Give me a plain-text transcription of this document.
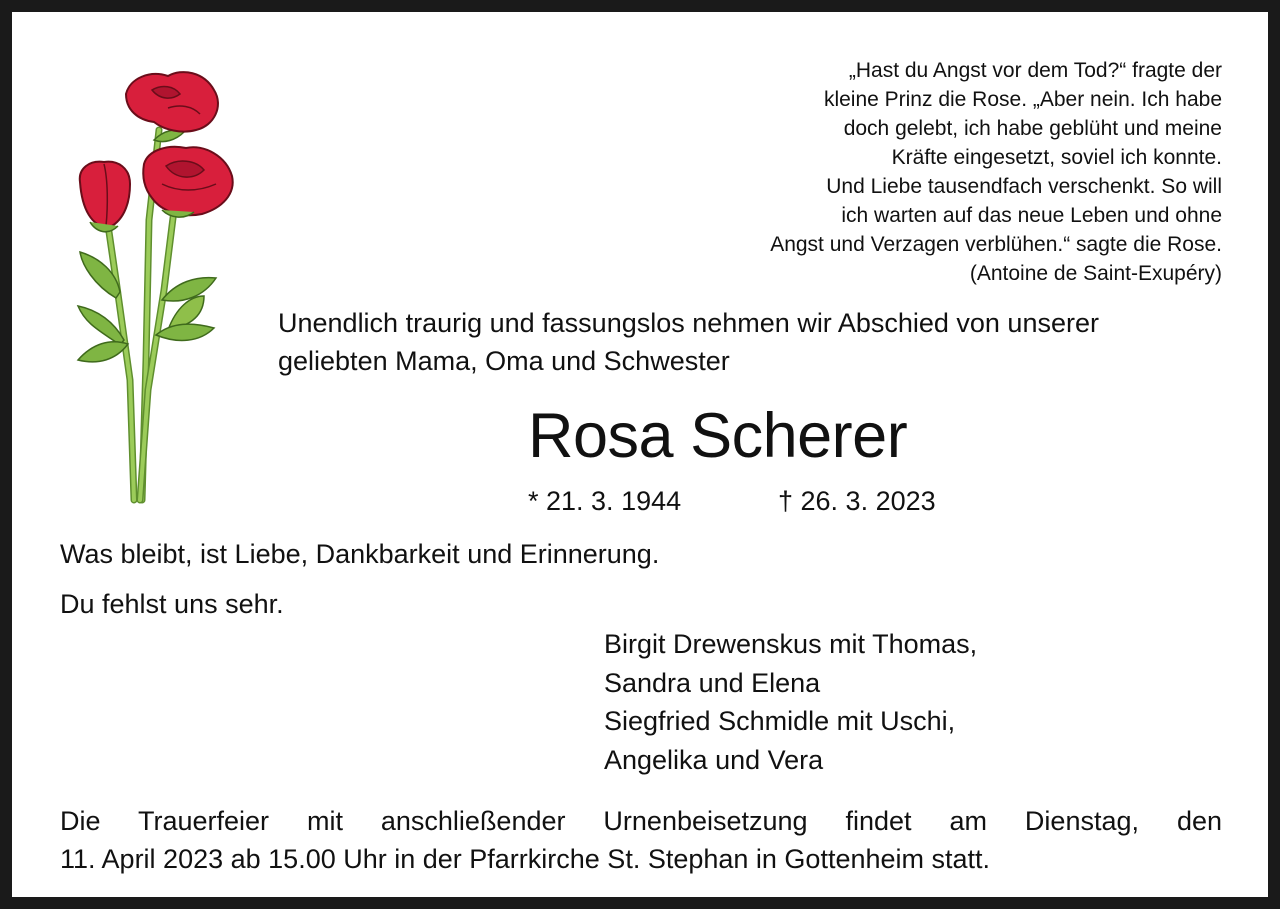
„Hast du Angst vor dem Tod?“ fragte der
kleine Prinz die Rose. „Aber nein. Ich habe
doch gelebt, ich habe geblüht und meine
Kräfte eingesetzt, soviel ich konnte.
Und Liebe tausendfach verschenkt. So will
ich warten auf das neue Leben und ohne
Angst und Verzagen verblühen.“ sagte die Rose.
(Antoine de Saint-Exupéry)
Unendlich traurig und fassungslos nehmen wir Abschied von unserer
geliebten Mama, Oma und Schwester
Rosa Scherer
* 21. 3. 1944	† 26. 3. 2023
Was bleibt, ist Liebe, Dankbarkeit und Erinnerung.
Du fehlst uns sehr.
Birgit Drewenskus mit Thomas,
Sandra und Elena
Siegfried Schmidle mit Uschi,
Angelika und Vera
Die Trauerfeier mit anschließender Urnenbeisetzung findet am Dienstag, den
11. April 2023 ab 15.00 Uhr in der Pfarrkirche St. Stephan in Gottenheim statt.
